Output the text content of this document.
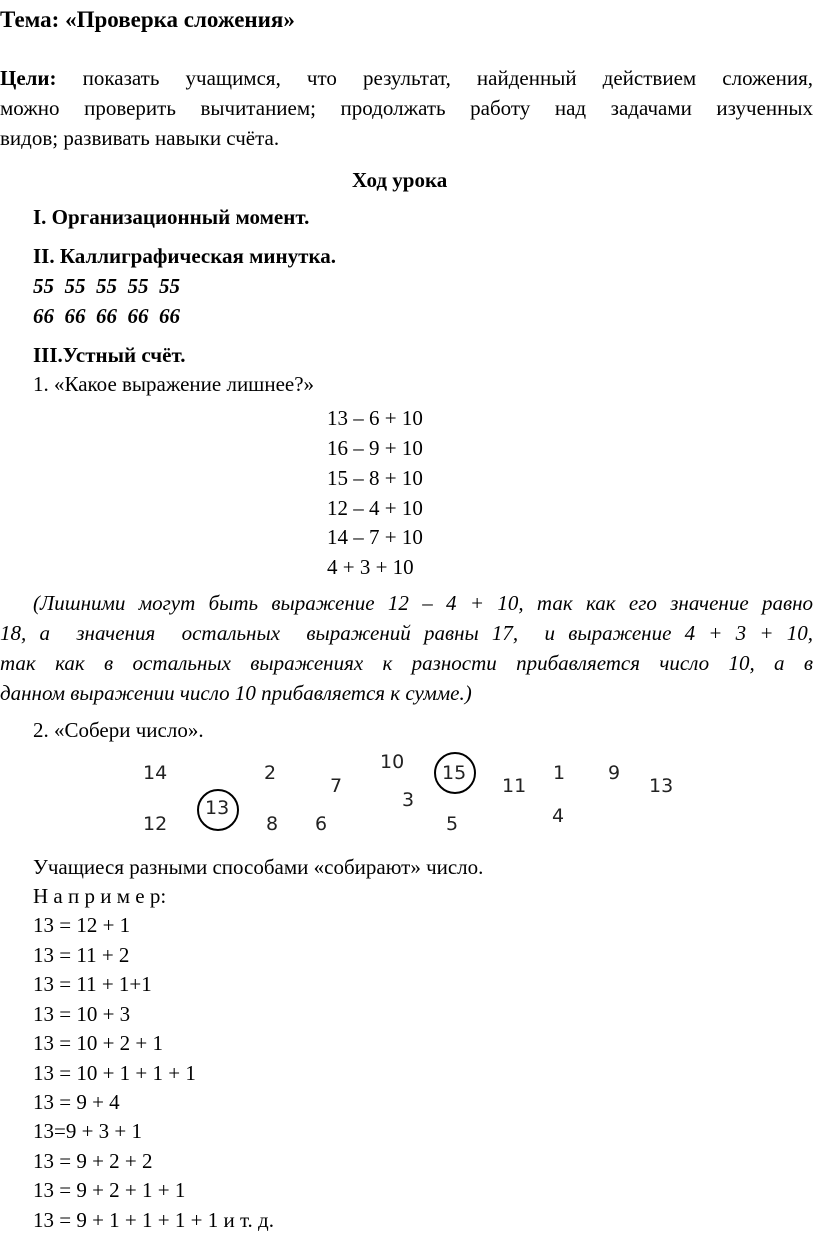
Тема: «Проверка сложения»
Цели: показать учащимся, что результат, найденный действием сложения,
можно проверить вычитанием; продолжать работу над задачами изученных
видов; развивать навыки счёта.
Ход урока
I. Организационный момент.
II. Каллиграфическая минутка.
55  55  55  55  55
66  66  66  66  66
III.Устный счёт.
1. «Какое выражение лишнее?»
13 – 6 + 10
16 – 9 + 10
15 – 8 + 10
12 – 4 + 10
14 – 7 + 10
4 + 3 + 10
(Лишними могут быть выражение 12 – 4 + 10, так как его значение равно
18, а  значения  остальных  выражений равны 17,  и выражение 4 + 3 + 10,
так как в остальных выражениях к разности прибавляется число 10, а в
данном выражении число 10 прибавляется к сумме.)
2. «Собери число».
14	2
7
10 15
11
1 9
13
3
12
13
8 6	5	4
Учащиеся разными способами «собирают» число.
Н а п р и м е р:
13 = 12 + 1
13 = 11 + 2
13 = 11 + 1+1
13 = 10 + 3
13 = 10 + 2 + 1
13 = 10 + 1 + 1 + 1
13 = 9 + 4
13=9 + 3 + 1
13 = 9 + 2 + 2
13 = 9 + 2 + 1 + 1
13 = 9 + 1 + 1 + 1 + 1 и т. д.
